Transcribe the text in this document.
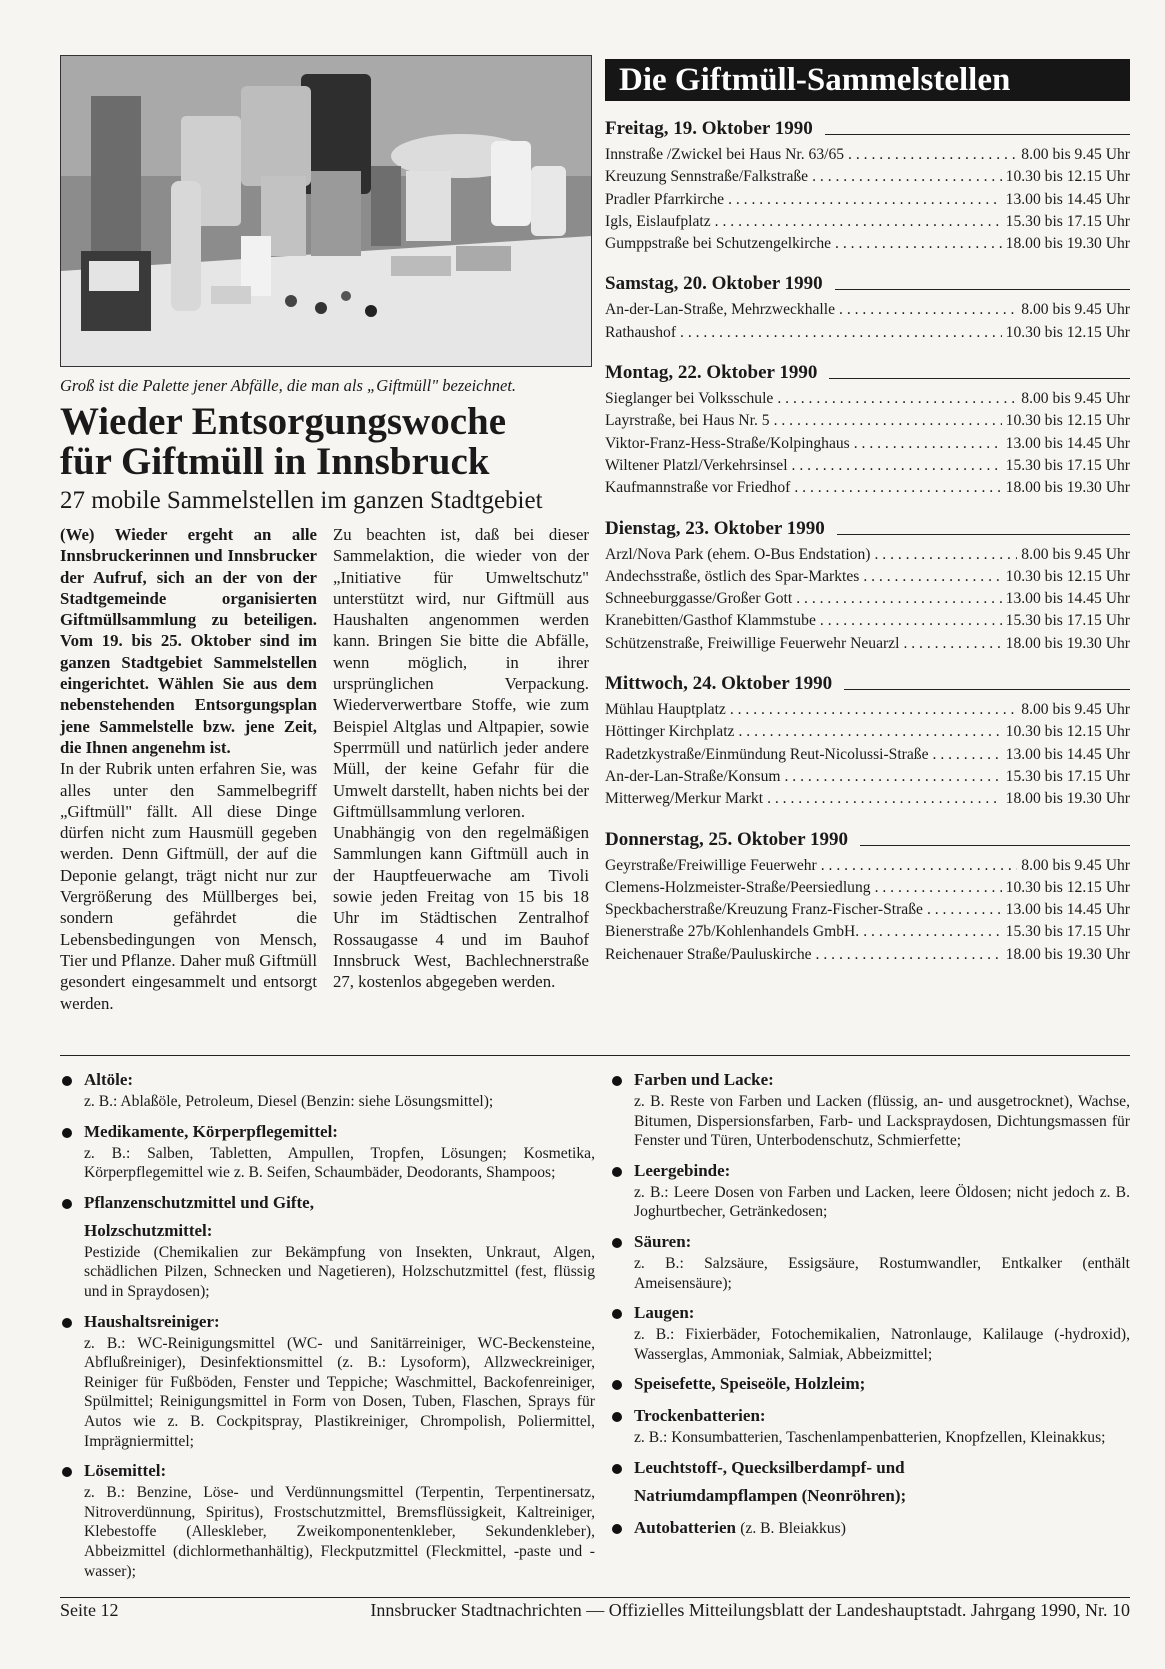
Groß ist die Palette jener Abfälle, die man als „Giftmüll" bezeichnet.
Wieder Entsorgungswoche
für Giftmüll in Innsbruck
27 mobile Sammelstellen im ganzen Stadtgebiet
(We) Wieder ergeht an alle Innsbruckerinnen und Innsbrucker der Aufruf, sich an der von der Stadtgemeinde organisierten Giftmüllsammlung zu beteiligen. Vom 19. bis 25. Oktober sind im ganzen Stadtgebiet Sammelstellen eingerichtet. Wählen Sie aus dem nebenstehenden Entsorgungsplan jene Sammelstelle bzw. jene Zeit, die Ihnen angenehm ist.
In der Rubrik unten erfahren Sie, was alles unter den Sammelbegriff „Giftmüll" fällt. All diese Dinge dürfen nicht zum Hausmüll gegeben werden. Denn Giftmüll, der auf die Deponie gelangt, trägt nicht nur zur Vergrößerung des Müllberges bei, sondern gefährdet die Lebensbedingungen von Mensch, Tier und Pflanze. Daher muß Giftmüll gesondert eingesammelt und entsorgt werden.
Zu beachten ist, daß bei dieser Sammelaktion, die wieder von der „Initiative für Umweltschutz" unterstützt wird, nur Giftmüll aus Haushalten angenommen werden kann. Bringen Sie bitte die Abfälle, wenn möglich, in ihrer ursprünglichen Verpackung. Wiederverwertbare Stoffe, wie zum Beispiel Altglas und Altpapier, sowie Sperrmüll und natürlich jeder andere Müll, der keine Gefahr für die Umwelt darstellt, haben nichts bei der Giftmüllsammlung verloren.
Unabhängig von den regelmäßigen Sammlungen kann Giftmüll auch in der Hauptfeuerwache am Tivoli sowie jeden Freitag von 15 bis 18 Uhr im Städtischen Zentralhof Rossaugasse 4 und im Bauhof Innsbruck West, Bachlechnerstraße 27, kostenlos abgegeben werden.
Die Giftmüll-Sammelstellen
Freitag, 19. Oktober 1990
Innstraße /Zwickel bei Haus Nr. 63/65 . . .	8.00 bis 9.45 Uhr
Kreuzung Sennstraße/Falkstraße . . .	10.30 bis 12.15 Uhr
Pradler Pfarrkirche . . .	13.00 bis 14.45 Uhr
Igls, Eislaufplatz . . .	15.30 bis 17.15 Uhr
Gumppstraße bei Schutzengelkirche . . .	18.00 bis 19.30 Uhr
Samstag, 20. Oktober 1990
An-der-Lan-Straße, Mehrzweckhalle . . .	8.00 bis 9.45 Uhr
Rathaushof . . .	10.30 bis 12.15 Uhr
Montag, 22. Oktober 1990
Sieglanger bei Volksschule . . .	8.00 bis 9.45 Uhr
Layrstraße, bei Haus Nr. 5 . . .	10.30 bis 12.15 Uhr
Viktor-Franz-Hess-Straße/Kolpinghaus . . .	13.00 bis 14.45 Uhr
Wiltener Platzl/Verkehrsinsel . . .	15.30 bis 17.15 Uhr
Kaufmannstraße vor Friedhof . . .	18.00 bis 19.30 Uhr
Dienstag, 23. Oktober 1990
Arzl/Nova Park (ehem. O-Bus Endstation) . . .	8.00 bis 9.45 Uhr
Andechsstraße, östlich des Spar-Marktes . . .	10.30 bis 12.15 Uhr
Schneeburggasse/Großer Gott . . .	13.00 bis 14.45 Uhr
Kranebitten/Gasthof Klammstube . . .	15.30 bis 17.15 Uhr
Schützenstraße, Freiwillige Feuerwehr Neuarzl . . .	18.00 bis 19.30 Uhr
Mittwoch, 24. Oktober 1990
Mühlau Hauptplatz . . .	8.00 bis 9.45 Uhr
Höttinger Kirchplatz . . .	10.30 bis 12.15 Uhr
Radetzkystraße/Einmündung Reut-Nicolussi-Straße . . .	13.00 bis 14.45 Uhr
An-der-Lan-Straße/Konsum . . .	15.30 bis 17.15 Uhr
Mitterweg/Merkur Markt . . .	18.00 bis 19.30 Uhr
Donnerstag, 25. Oktober 1990
Geyrstraße/Freiwillige Feuerwehr . . .	8.00 bis 9.45 Uhr
Clemens-Holzmeister-Straße/Peersiedlung . . .	10.30 bis 12.15 Uhr
Speckbacherstraße/Kreuzung Franz-Fischer-Straße . . .	13.00 bis 14.45 Uhr
Bienerstraße 27b/Kohlenhandels GmbH. . . .	15.30 bis 17.15 Uhr
Reichenauer Straße/Pauluskirche . . .	18.00 bis 19.30 Uhr
Altöle:
z. B.: Ablaßöle, Petroleum, Diesel (Benzin: siehe Lösungsmittel);
Medikamente, Körperpflegemittel:
z. B.: Salben, Tabletten, Ampullen, Tropfen, Lösungen; Kosmetika, Körperpflegemittel wie z. B. Seifen, Schaumbäder, Deodorants, Shampoos;
Pflanzenschutzmittel und Gifte,
Holzschutzmittel:
Pestizide (Chemikalien zur Bekämpfung von Insekten, Unkraut, Algen, schädlichen Pilzen, Schnecken und Nagetieren), Holzschutzmittel (fest, flüssig und in Spraydosen);
Haushaltsreiniger:
z. B.: WC-Reinigungsmittel (WC- und Sanitärreiniger, WC-Beckensteine, Abflußreiniger), Desinfektionsmittel (z. B.: Lysoform), Allzweckreiniger, Reiniger für Fußböden, Fenster und Teppiche; Waschmittel, Backofenreiniger, Spülmittel; Reinigungsmittel in Form von Dosen, Tuben, Flaschen, Sprays für Autos wie z. B. Cockpitspray, Plastikreiniger, Chrompolish, Poliermittel, Imprägniermittel;
Lösemittel:
z. B.: Benzine, Löse- und Verdünnungsmittel (Terpentin, Terpentinersatz, Nitroverdünnung, Spiritus), Frostschutzmittel, Bremsflüssigkeit, Kaltreiniger, Klebestoffe (Alleskleber, Zweikomponentenkleber, Sekundenkleber), Abbeizmittel (dichlormethanhältig), Fleckputzmittel (Fleckmittel, -paste und -wasser);
Farben und Lacke:
z. B. Reste von Farben und Lacken (flüssig, an- und ausgetrocknet), Wachse, Bitumen, Dispersionsfarben, Farb- und Lackspraydosen, Dichtungsmassen für Fenster und Türen, Unterbodenschutz, Schmierfette;
Leergebinde:
z. B.: Leere Dosen von Farben und Lacken, leere Öldosen; nicht jedoch z. B. Joghurtbecher, Getränkedosen;
Säuren:
z. B.: Salzsäure, Essigsäure, Rostumwandler, Entkalker (enthält Ameisensäure);
Laugen:
z. B.: Fixierbäder, Fotochemikalien, Natronlauge, Kalilauge (-hydroxid), Wasserglas, Ammoniak, Salmiak, Abbeizmittel;
Speisefette, Speiseöle, Holzleim;
Trockenbatterien:
z. B.: Konsumbatterien, Taschenlampenbatterien, Knopfzellen, Kleinakkus;
Leuchtstoff-, Quecksilberdampf- und
Natriumdampflampen (Neonröhren);
Autobatterien (z. B. Bleiakkus)
Seite 12	Innsbrucker Stadtnachrichten — Offizielles Mitteilungsblatt der Landeshauptstadt. Jahrgang 1990, Nr. 10
